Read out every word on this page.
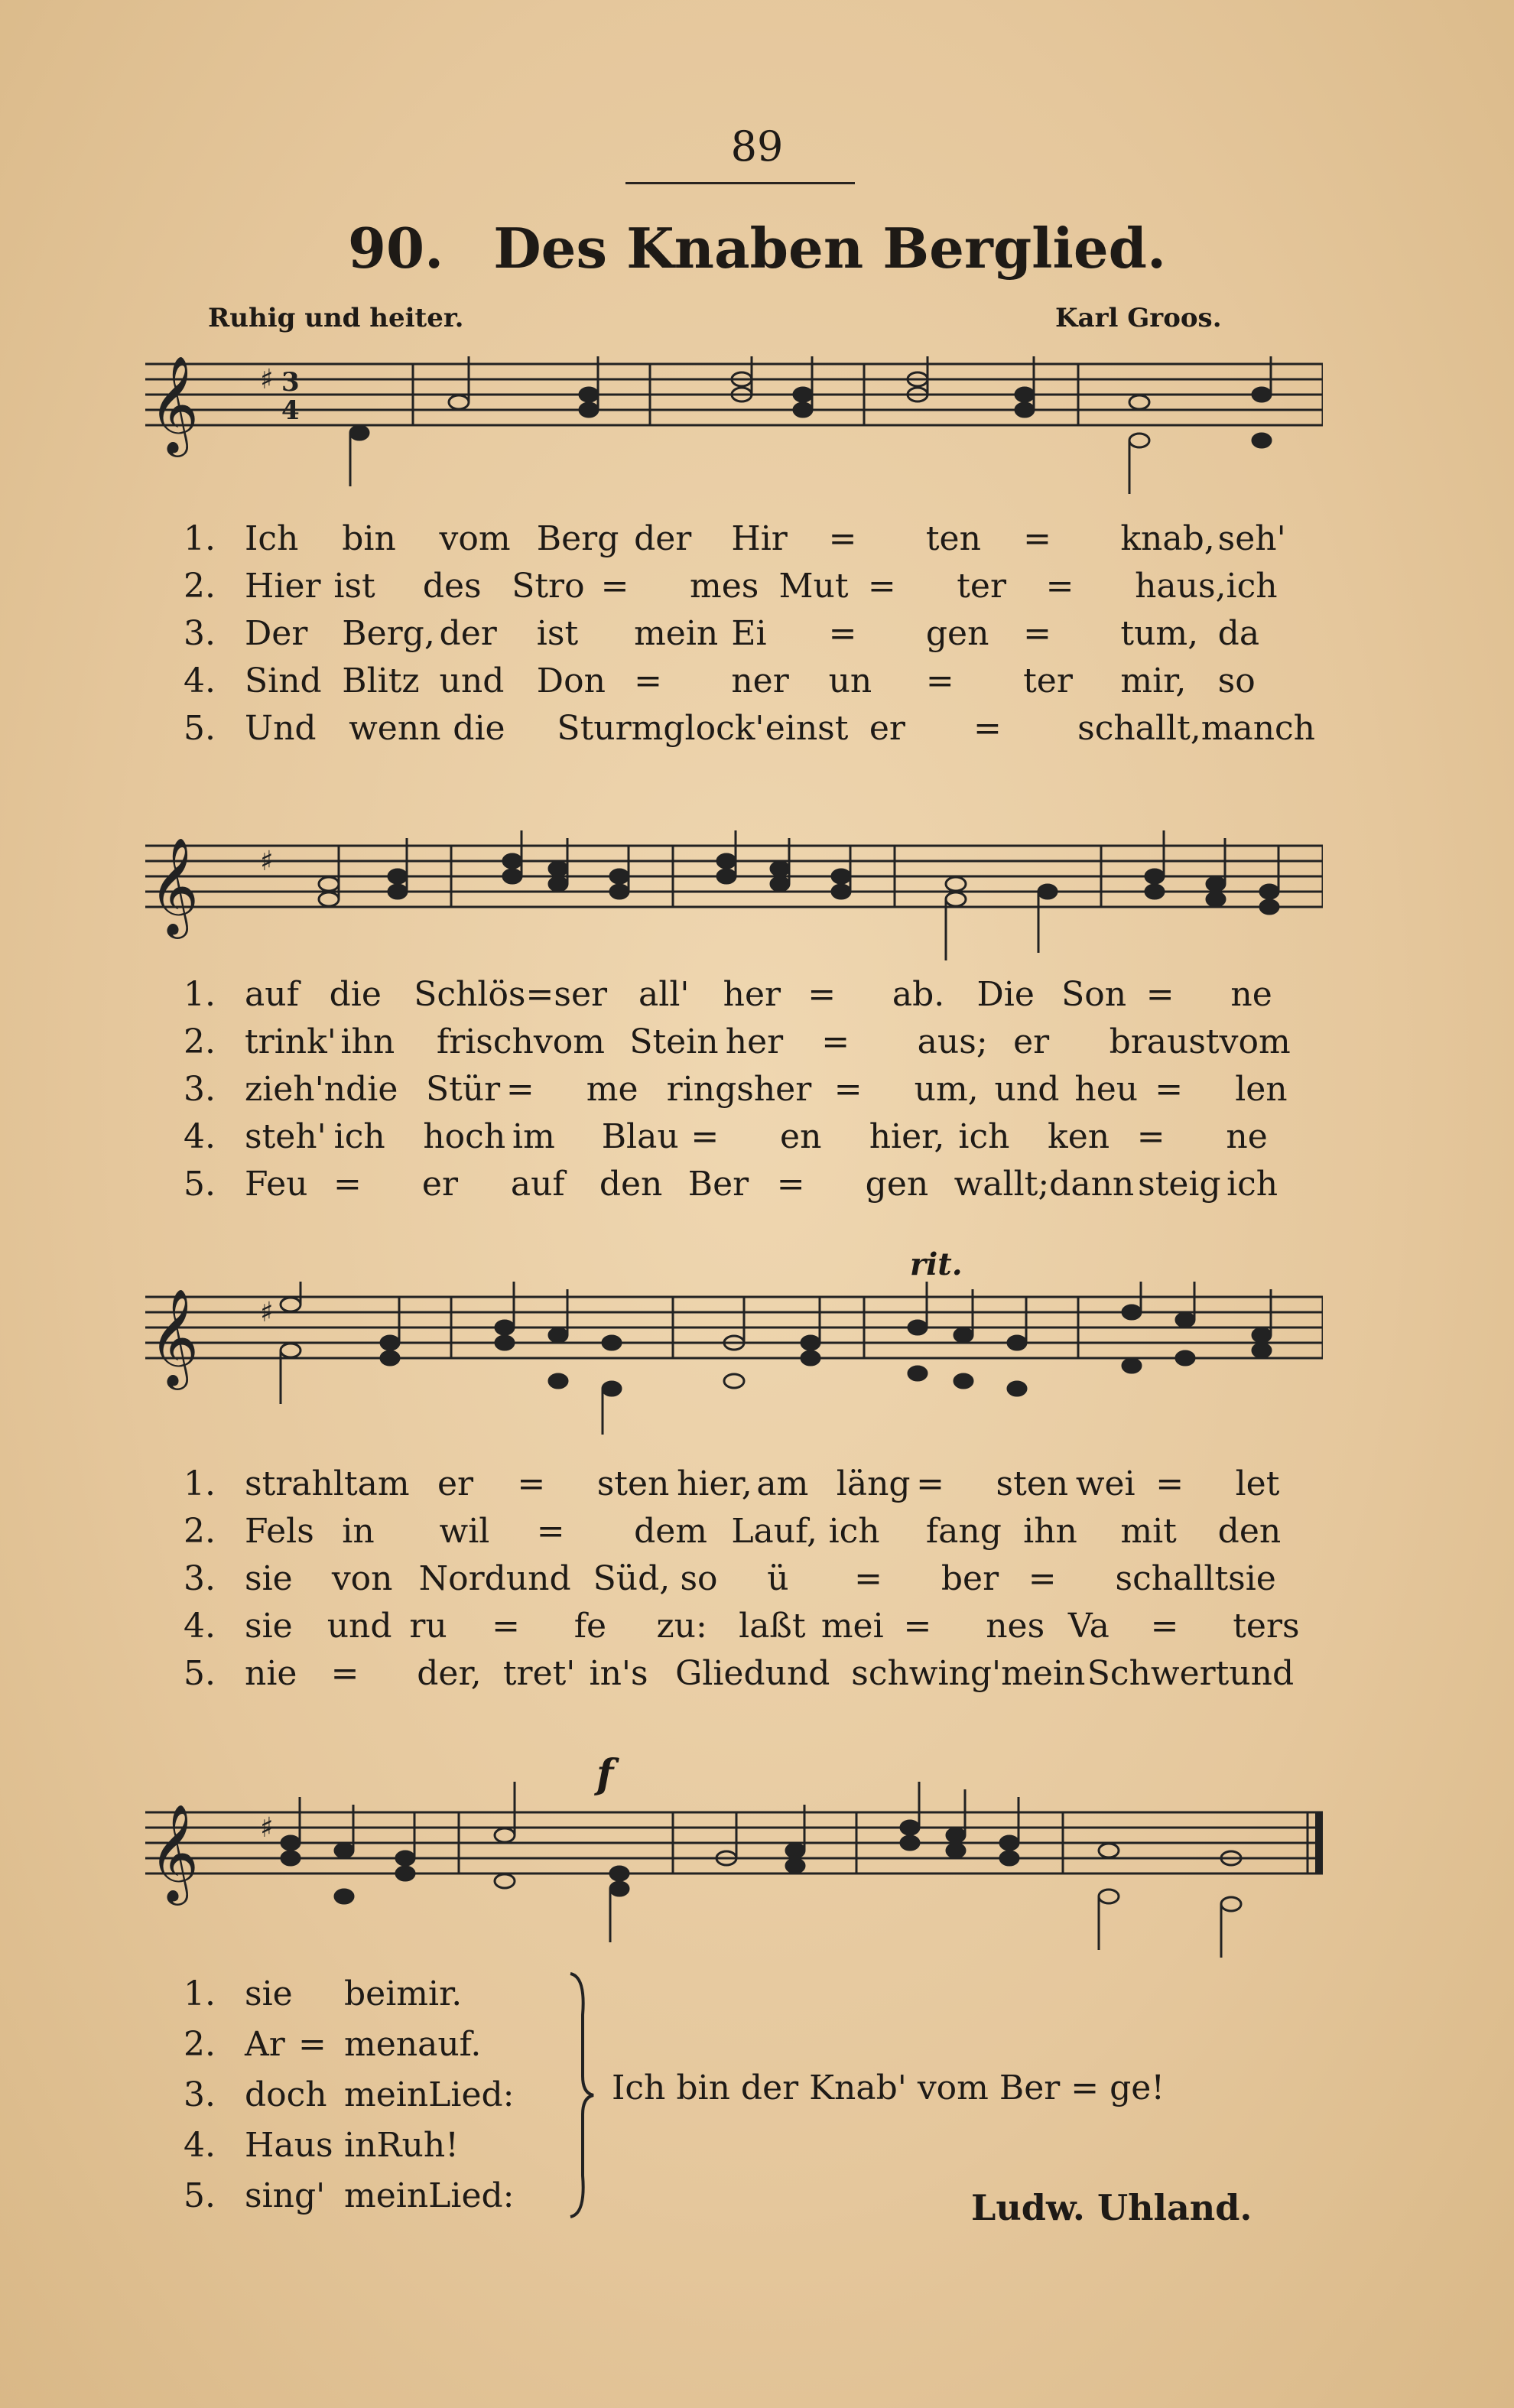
89
90. Des Knaben Berglied.
Ruhig und heiter.	Karl Groos.
𝄞 ♯ 3
4
1. Ich	bin	vom Berg der	Hir	=	ten	=	knab, seh'
2. Hier ist	des Stro =	mes Mut =	ter	=	haus, ich
3. Der	Berg, der	ist	mein Ei	=	gen	=	tum, da
4. Sind Blitz und Don =	ner	un	=	ter	mir, so
5. Und wenn die	Sturmglock' einst er	=	schallt, manch
𝄞 ♯
1. auf die Schlös= ser all'	her =	ab. Die Son =	ne
2. trink' ihn	frisch vom Stein her	=	aus; er	braust vom
3. zieh'n die Stür =	me rings her =	um, und heu =	len
4. steh' ich	hoch im	Blau =	en	hier, ich	ken =	ne
5. Feu =	er	auf	den Ber =	gen wallt; dann steig ich
𝄞 ♯
rit.
1. strahlt am er	=	sten hier, am läng =	sten wei =	let
2. Fels in	wil	=	dem Lauf, ich	fang ihn	mit	den
3. sie	von Nord und Süd, so	ü	=	ber =	schallt sie
4. sie	und ru	=	fe	zu: laßt mei =	nes Va	=	ters
5. nie	=	der, tret' in's Glied und schwing' mein Schwert und
𝄞 ♯
f
1. sie beimir.
2. Ar = menauf.
3. doch meinLied:
4. Haus inRuh!
5. sing' meinLied:
Ich bin der Knab' vom Ber = ge!
Ludw. Uhland.
